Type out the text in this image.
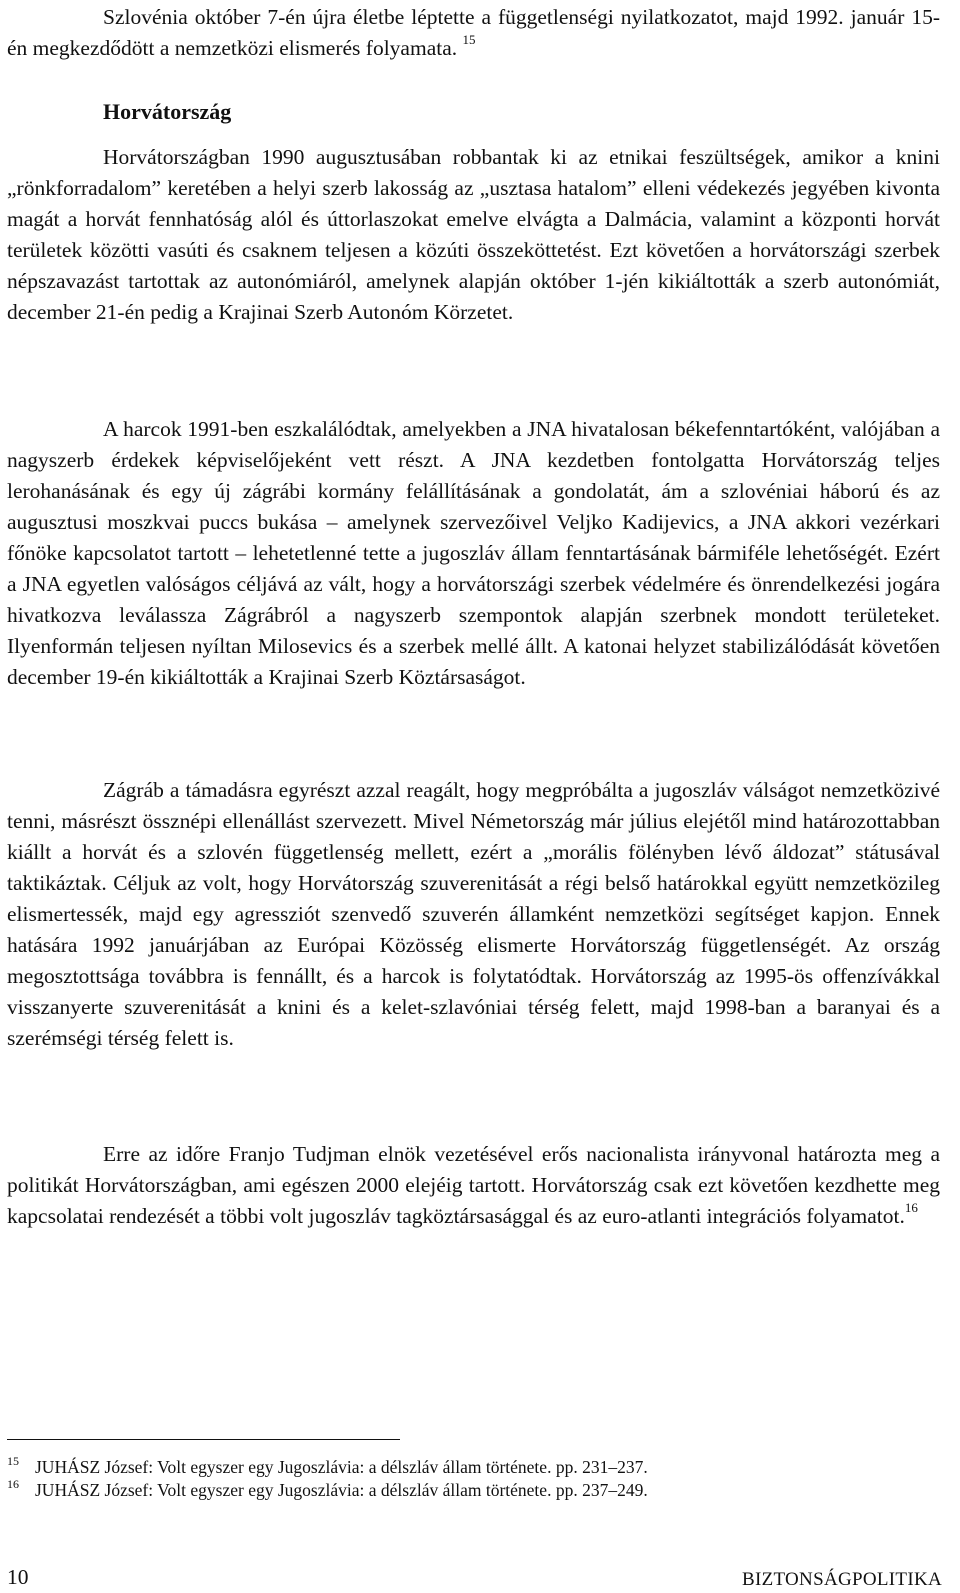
Szlovénia október 7-én újra életbe léptette a függetlenségi nyilatkozatot, majd 1992. január 15-én megkezdődött a nemzetközi elismerés folyamata. $^{15}$

Horvátország

Horvátországban 1990 augusztusában robbantak ki az etnikai feszültségek, amikor a knini „rönkforradalom” keretében a helyi szerb lakosság az „usztasa hatalom” elleni védekezés jegyében kivonta magát a horvát fennhatóság alól és úttorlaszokat emelve elvágta a Dalmácia, valamint a központi horvát területek közötti vasúti és csaknem teljesen a közúti összeköttetést. Ezt követően a horvátországi szerbek népszavazást tartottak az autonómiáról, amelynek alapján október 1-jén kikiáltották a szerb autonómiát, december 21-én pedig a Krajinai Szerb Autonóm Körzetet.

A harcok 1991-ben eszkalálódtak, amelyekben a JNA hivatalosan békefenntartóként, valójában a nagyszerb érdekek képviselőjeként vett részt. A JNA kezdetben fontolgatta Horvátország teljes lerohanásának és egy új zágrábi kormány felállításának a gondolatát, ám a szlovéniai háború és az augusztusi moszkvai puccs bukása – amelynek szervezőivel Veljko Kadijevics, a JNA akkori vezérkari főnöke kapcsolatot tartott – lehetetlenné tette a jugoszláv állam fenntartásának bármiféle lehetőségét. Ezért a JNA egyetlen valóságos céljává az vált, hogy a horvátországi szerbek védelmére és önrendelkezési jogára hivatkozva leválassza Zágrábról a nagyszerb szempontok alapján szerbnek mondott területeket. Ilyenformán teljesen nyíltan Milosevics és a szerbek mellé állt. A katonai helyzet stabilizálódását követően december 19-én kikiáltották a Krajinai Szerb Köztársaságot.

Zágráb a támadásra egyrészt azzal reagált, hogy megpróbálta a jugoszláv válságot nemzetközivé tenni, másrészt össznépi ellenállást szervezett. Mivel Németország már július elejétől mind határozottabban kiállt a horvát és a szlovén függetlenség mellett, ezért a „morális fölényben lévő áldozat” státusával taktikáztak. Céljuk az volt, hogy Horvátország szuverenitását a régi belső határokkal együtt nemzetközileg elismertessék, majd egy agressziót szenvedő szuverén államként nemzetközi segítséget kapjon. Ennek hatására 1992 januárjában az Európai Közösség elismerte Horvátország függetlenségét. Az ország megosztottsága továbbra is fennállt, és a harcok is folytatódtak. Horvátország az 1995-ös offenzívákkal visszanyerte szuverenitását a knini és a kelet-szlavóniai térség felett, majd 1998-ban a baranyai és a szerémségi térség felett is.

Erre az időre Franjo Tudjman elnök vezetésével erős nacionalista irányvonal határozta meg a politikát Horvátországban, ami egészen 2000 elejéig tartott. Horvátország csak ezt követően kezdhette meg kapcsolatai rendezését a többi volt jugoszláv tagköztársasággal és az euro-atlanti integrációs folyamatot.$^{16}$

15 JUHÁSZ József: Volt egyszer egy Jugoszlávia: a délszláv állam története. pp. 231–237.
16 JUHÁSZ József: Volt egyszer egy Jugoszlávia: a délszláv állam története. pp. 237–249.
10	BIZTONSÁGPOLITIKA
